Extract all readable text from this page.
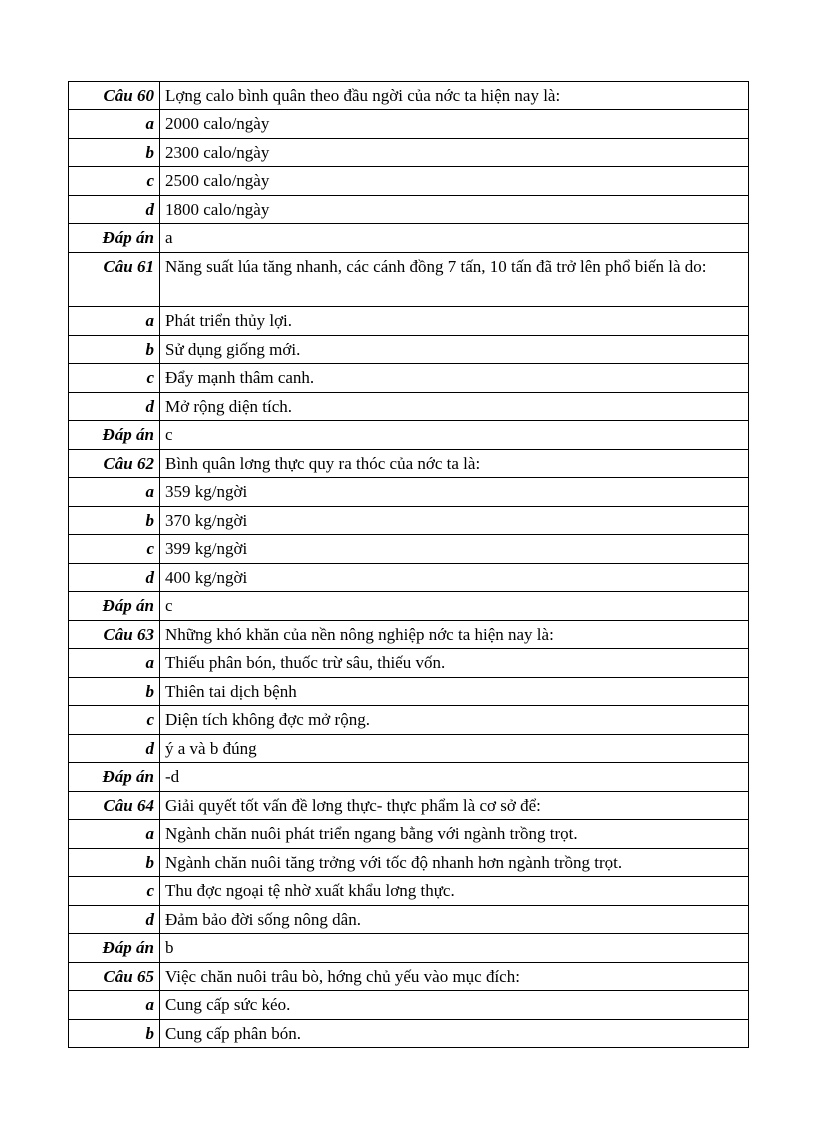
Câu 60	Lợng calo bình quân theo đầu ngời của nớc ta hiện nay là:
a	2000 calo/ngày
b	2300 calo/ngày
c	2500 calo/ngày
d	1800 calo/ngày
Đáp án	a
Câu 61	Năng suất lúa tăng nhanh, các cánh đồng 7 tấn, 10 tấn đã trở lên phổ biến là do:
a	Phát triển thủy lợi.
b	Sử dụng giống mới.
c	Đẩy mạnh thâm canh.
d	Mở rộng diện tích.
Đáp án	c
Câu 62	Bình quân lơng thực quy ra thóc của nớc ta là:
a	359 kg/ngời
b	370 kg/ngời
c	399 kg/ngời
d	400 kg/ngời
Đáp án	c
Câu 63	Những khó khăn của nền nông nghiệp nớc ta hiện nay là:
a	Thiếu phân bón, thuốc trừ sâu, thiếu vốn.
b	Thiên tai dịch bệnh
c	Diện tích không đợc mở rộng.
d	ý a và b đúng
Đáp án	-d
Câu 64	Giải quyết tốt vấn đề lơng thực- thực phẩm là cơ sở để:
a	Ngành chăn nuôi phát triển ngang bằng với ngành trồng trọt.
b	Ngành chăn nuôi tăng trởng với tốc độ nhanh hơn ngành trồng trọt.
c	Thu đợc ngoại tệ nhờ xuất khẩu lơng thực.
d	Đảm bảo đời sống nông dân.
Đáp án	b
Câu 65	Việc chăn nuôi trâu bò, hớng chủ yếu vào mục đích:
a	Cung cấp sức kéo.
b	Cung cấp phân bón.
